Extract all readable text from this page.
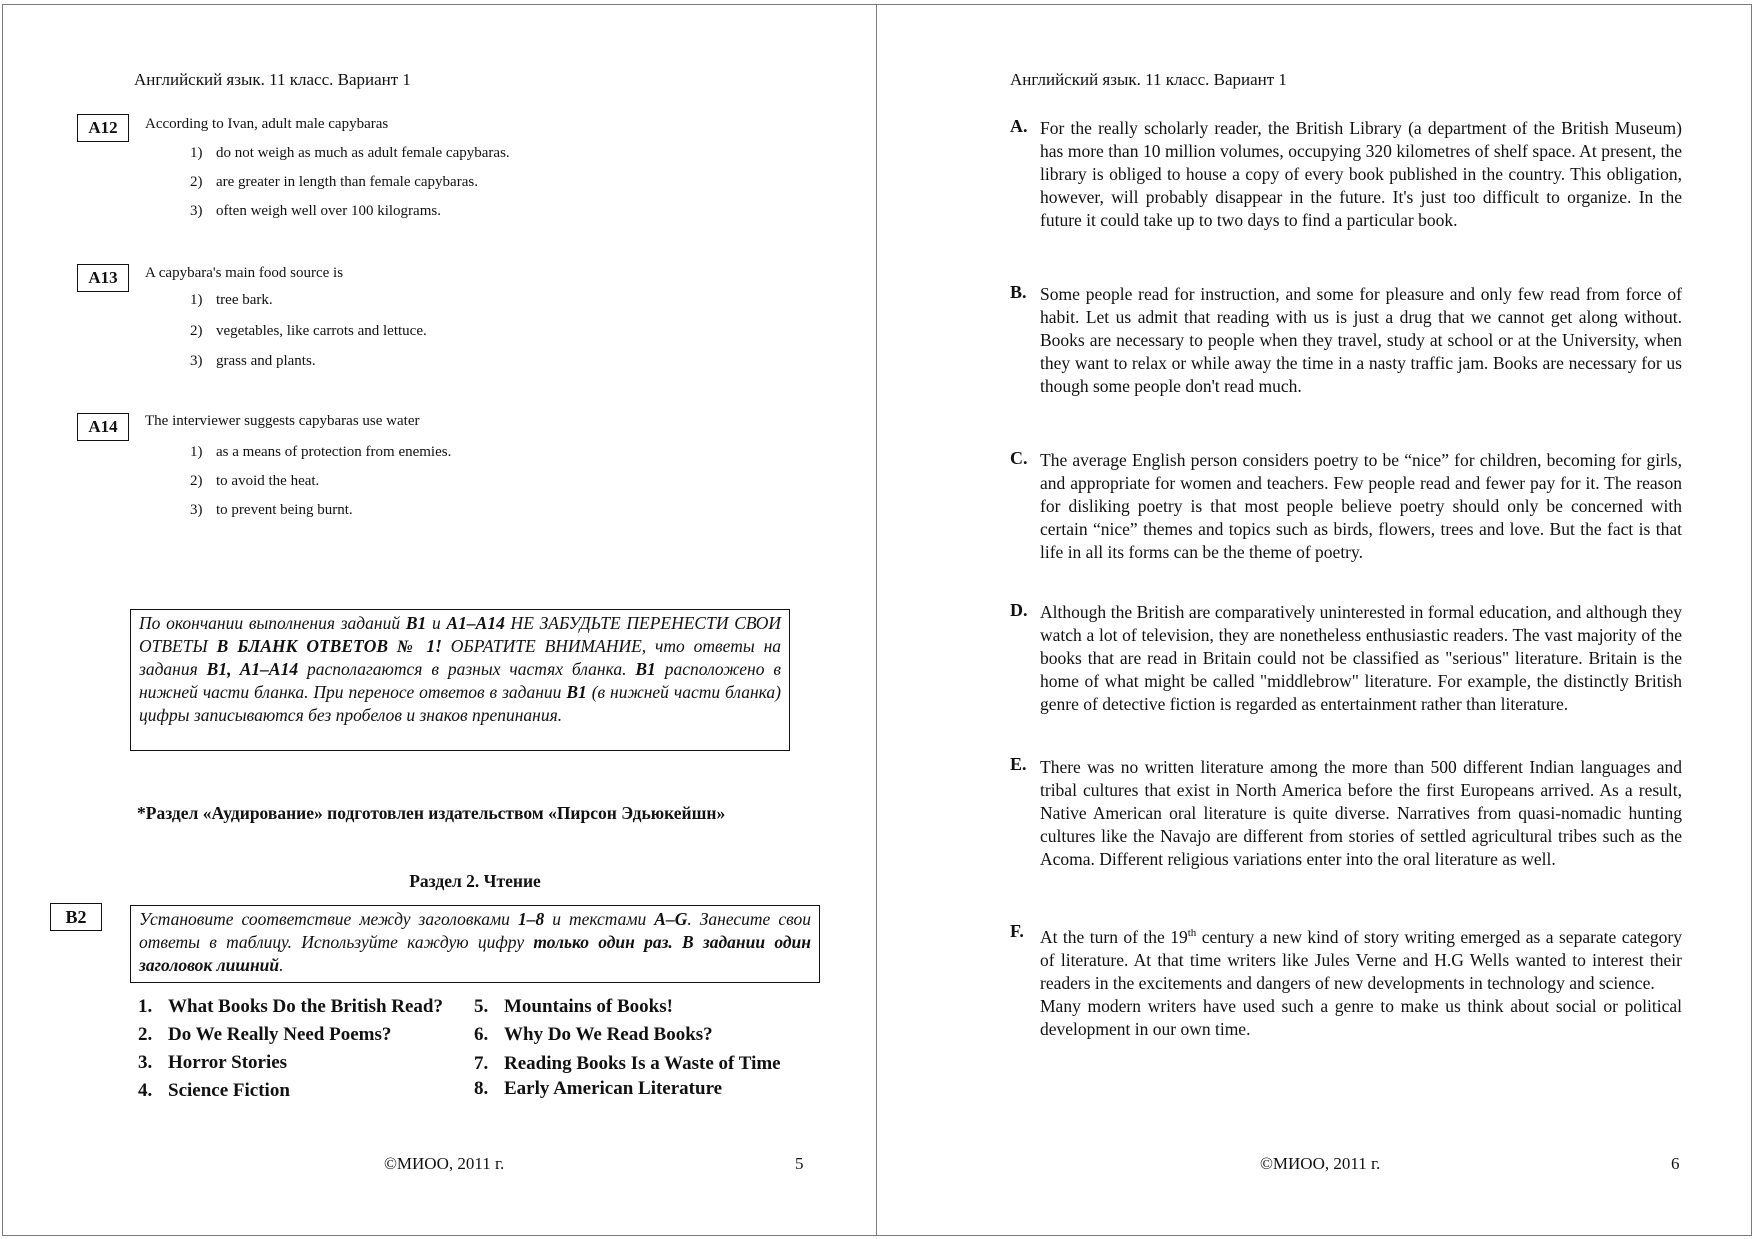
Английский язык. 11 класс. Вариант 1
A12	According to Ivan, adult male capybaras
1) do not weigh as much as adult female capybaras.
2) are greater in length than female capybaras.
3) often weigh well over 100 kilograms.
A13	A capybara's main food source is
1) tree bark.
2) vegetables, like carrots and lettuce.
3) grass and plants.
A14	The interviewer suggests capybaras use water
1) as a means of protection from enemies.
2) to avoid the heat.
3) to prevent being burnt.
По окончании выполнения заданий B1 и A1–A14 НЕ ЗАБУДЬТЕ ПЕРЕНЕСТИ СВОИ ОТВЕТЫ В БЛАНК ОТВЕТОВ № 1! ОБРАТИТЕ ВНИМАНИЕ, что ответы на задания B1, A1–A14 располагаются в разных частях бланка. B1 расположено в нижней части бланка. При переносе ответов в задании B1 (в нижней части бланка) цифры записываются без пробелов и знаков препинания.
*Раздел «Аудирование» подготовлен издательством «Пирсон Эдьюкейшн»
Раздел 2. Чтение
B2	Установите соответствие между заголовками 1–8 и текстами A–G. Занесите свои ответы в таблицу. Используйте каждую цифру только один раз. В задании один заголовок лишний.
1. What Books Do the British Read?
2. Do We Really Need Poems?
3. Horror Stories
4. Science Fiction
5. Mountains of Books!
6. Why Do We Read Books?
7. Reading Books Is a Waste of Time
8. Early American Literature
©МИОО, 2011 г.	5
Английский язык. 11 класс. Вариант 1
A. For the really scholarly reader, the British Library (a department of the British Museum) has more than 10 million volumes, occupying 320 kilometres of shelf space. At present, the library is obliged to house a copy of every book published in the country. This obligation, however, will probably disappear in the future. It's just too difficult to organize. In the future it could take up to two days to find a particular book.
B. Some people read for instruction, and some for pleasure and only few read from force of habit. Let us admit that reading with us is just a drug that we cannot get along without. Books are necessary to people when they travel, study at school or at the University, when they want to relax or while away the time in a nasty traffic jam. Books are necessary for us though some people don't read much.
C. The average English person considers poetry to be “nice” for children, becoming for girls, and appropriate for women and teachers. Few people read and fewer pay for it. The reason for disliking poetry is that most people believe poetry should only be concerned with certain “nice” themes and topics such as birds, flowers, trees and love. But the fact is that life in all its forms can be the theme of poetry.
D. Although the British are comparatively uninterested in formal education, and although they watch a lot of television, they are nonetheless enthusiastic readers. The vast majority of the books that are read in Britain could not be classified as "serious" literature. Britain is the home of what might be called "middlebrow" literature. For example, the distinctly British genre of detective fiction is regarded as entertainment rather than literature.
E. There was no written literature among the more than 500 different Indian languages and tribal cultures that exist in North America before the first Europeans arrived. As a result, Native American oral literature is quite diverse. Narratives from quasi-nomadic hunting cultures like the Navajo are different from stories of settled agricultural tribes such as the Acoma. Different religious variations enter into the oral literature as well.
F. At the turn of the 19th century a new kind of story writing emerged as a separate category of literature. At that time writers like Jules Verne and H.G Wells wanted to interest their readers in the excitements and dangers of new developments in technology and science.
Many modern writers have used such a genre to make us think about social or political development in our own time.
©МИОО, 2011 г.	6
